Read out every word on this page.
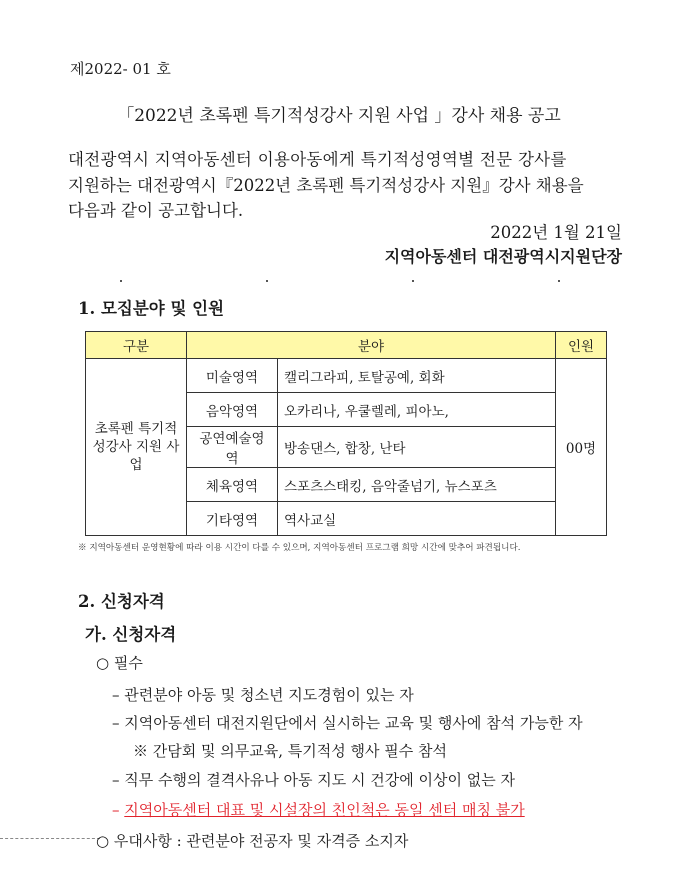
제2022- 01 호
「2022년 초록펜 특기적성강사 지원 사업 」강사 채용 공고
대전광역시 지역아동센터 이용아동에게 특기적성영역별 전문 강사를
지원하는 대전광역시『2022년 초록펜 특기적성강사 지원』강사 채용을
다음과 같이 공고합니다.
2022년 1월 21일
지역아동센터 대전광역시지원단장
1. 모집분야 및 인원
구분	분야		인원
초록펜 특기적성강사 지원 사업	미술영역	캘리그라피, 토탈공예, 회화	00명
	음악영역	오카리나, 우쿨렐레, 피아노,	
	공연예술영역	방송댄스, 합창, 난타	
	체육영역	스포츠스태킹, 음악줄넘기, 뉴스포츠	
	기타영역	역사교실	
※ 지역아동센터 운영현황에 따라 이용 시간이 다를 수 있으며, 지역아동센터 프로그램 희망 시간에 맞추어 파견됩니다.
2. 신청자격
가. 신청자격
○ 필수
– 관련분야 아동 및 청소년 지도경험이 있는 자
– 지역아동센터 대전지원단에서 실시하는 교육 및 행사에 참석 가능한 자
※ 간담회 및 의무교육, 특기적성 행사 필수 참석
– 직무 수행의 결격사유나 아동 지도 시 건강에 이상이 없는 자
– 지역아동센터 대표 및 시설장의 친인척은 동일 센터 매칭 불가
○ 우대사항 : 관련분야 전공자 및 자격증 소지자
